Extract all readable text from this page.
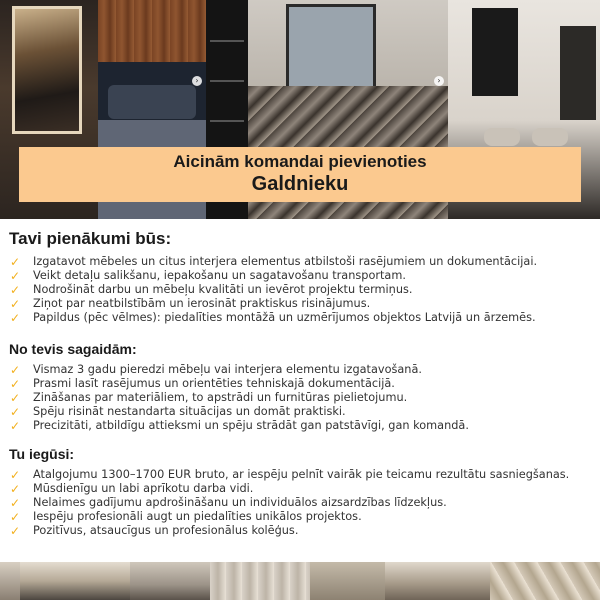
›	›
Aicinām komandai pievienoties
Galdnieku
Tavi pienākumi būs:
✓ Izgatavot mēbeles un citus interjera elementus atbilstoši rasējumiem un dokumentācijai.
✓ Veikt detaļu salikšanu, iepakošanu un sagatavošanu transportam.
✓ Nodrošināt darbu un mēbeļu kvalitāti un ievērot projektu termiņus.
✓ Ziņot par neatbilstībām un ierosināt praktiskus risinājumus.
✓ Papildus (pēc vēlmes): piedalīties montāžā un uzmērījumos objektos Latvijā un ārzemēs.
No tevis sagaidām:
✓ Vismaz 3 gadu pieredzi mēbeļu vai interjera elementu izgatavošanā.
✓ Prasmi lasīt rasējumus un orientēties tehniskajā dokumentācijā.
✓ Zināšanas par materiāliem, to apstrādi un furnitūras pielietojumu.
✓ Spēju risināt nestandarta situācijas un domāt praktiski.
✓ Precizitāti, atbildīgu attieksmi un spēju strādāt gan patstāvīgi, gan komandā.
Tu iegūsi:
✓ Atalgojumu 1300–1700 EUR bruto, ar iespēju pelnīt vairāk pie teicamu rezultātu sasniegšanas.
✓ Mūsdienīgu un labi aprīkotu darba vidi.
✓ Nelaimes gadījumu apdrošināšanu un individuālos aizsardzības līdzekļus.
✓ Iespēju profesionāli augt un piedalīties unikālos projektos.
✓ Pozitīvus, atsaucīgus un profesionālus kolēģus.
